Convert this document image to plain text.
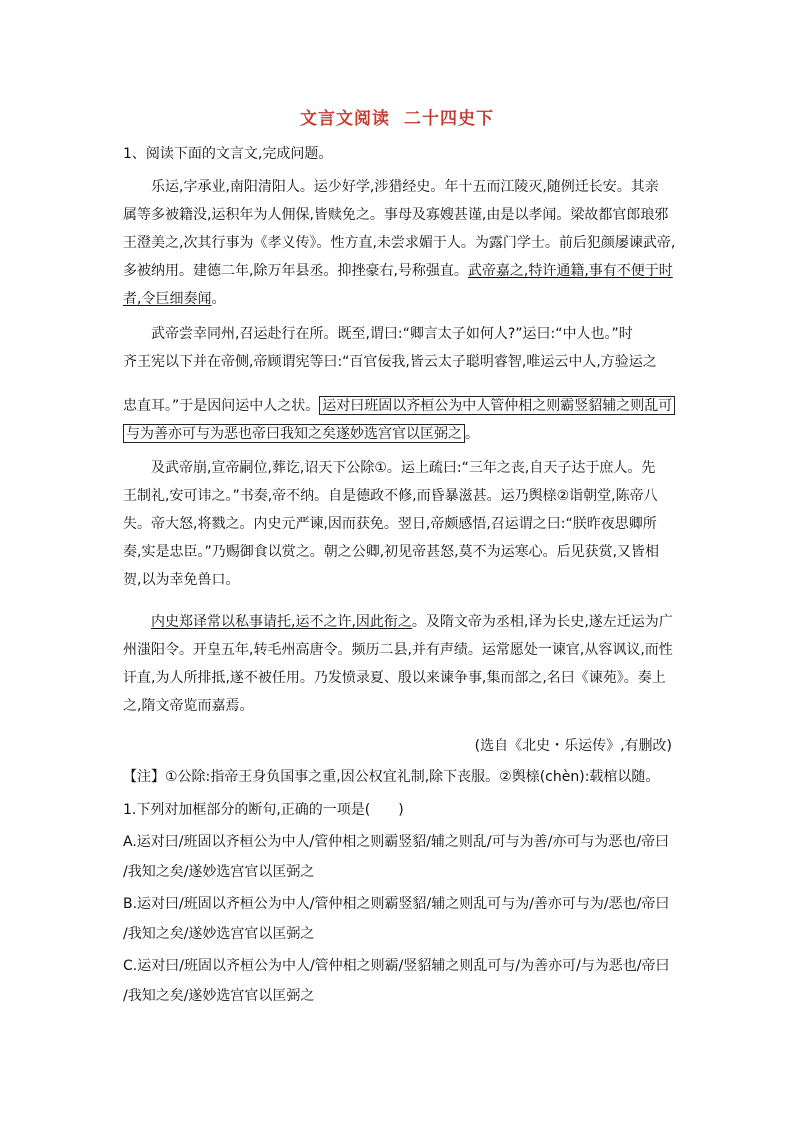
文言文阅读 二十四史下
1、阅读下面的文言文,完成问题。
乐运,字承业,南阳清阳人。运少好学,涉猎经史。年十五而江陵灭,随例迁长安。其亲
属等多被籍没,运积年为人佣保,皆赎免之。事母及寡嫂甚谨,由是以孝闻。梁故都官郎琅邪
王澄美之,次其行事为《孝义传》。性方直,未尝求媚于人。为露门学士。前后犯颜屡谏武帝,
多被纳用。建德二年,除万年县丞。抑挫豪右,号称强直。武帝嘉之,特许通籍,事有不便于时
者,令巨细奏闻。
武帝尝幸同州,召运赴行在所。既至,谓曰:“卿言太子如何人?”运曰:“中人也。”时
齐王宪以下并在帝侧,帝顾谓宪等曰:“百官佞我,皆云太子聪明睿智,唯运云中人,方验运之
忠直耳。”于是因问运中人之状。 运对曰班固以齐桓公为中人管仲相之则霸竖貂辅之则乱可
与为善亦可与为恶也帝曰我知之矣遂妙选宫官以匡弼之 。
及武帝崩,宣帝嗣位,葬讫,诏天下公除①。运上疏曰:“三年之丧,自天子达于庶人。先
王制礼,安可讳之。”书奏,帝不纳。自是德政不修,而昏暴滋甚。运乃舆榇②诣朝堂,陈帝八
失。帝大怒,将戮之。内史元严谏,因而获免。翌日,帝颇感悟,召运谓之曰:“朕昨夜思卿所
奏,实是忠臣。”乃赐御食以赏之。朝之公卿,初见帝甚怒,莫不为运寒心。后见获赏,又皆相
贺,以为幸免兽口。
内史郑译常以私事请托,运不之许,因此衔之。及隋文帝为丞相,译为长史,遂左迁运为广
州滍阳令。开皇五年,转毛州高唐令。频历二县,并有声绩。运常愿处一谏官,从容讽议,而性
讦直,为人所排抵,遂不被任用。乃发愤录夏、殷以来谏争事,集而部之,名曰《谏苑》。奏上
之,隋文帝览而嘉焉。
(选自《北史・乐运传》,有删改)
【注】①公除:指帝王身负国事之重,因公权宜礼制,除下丧服。②舆榇(chèn):载棺以随。
1.下列对加框部分的断句,正确的一项是(　　)
A.运对曰/班固以齐桓公为中人/管仲相之则霸竖貂/辅之则乱/可与为善/亦可与为恶也/帝曰
/我知之矣/遂妙选宫官以匡弼之
B.运对曰/班固以齐桓公为中人/管仲相之则霸竖貂/辅之则乱可与为/善亦可与为/恶也/帝曰
/我知之矣/遂妙选宫官以匡弼之
C.运对曰/班固以齐桓公为中人/管仲相之则霸/竖貂辅之则乱可与/为善亦可/与为恶也/帝曰
/我知之矣/遂妙选宫官以匡弼之
